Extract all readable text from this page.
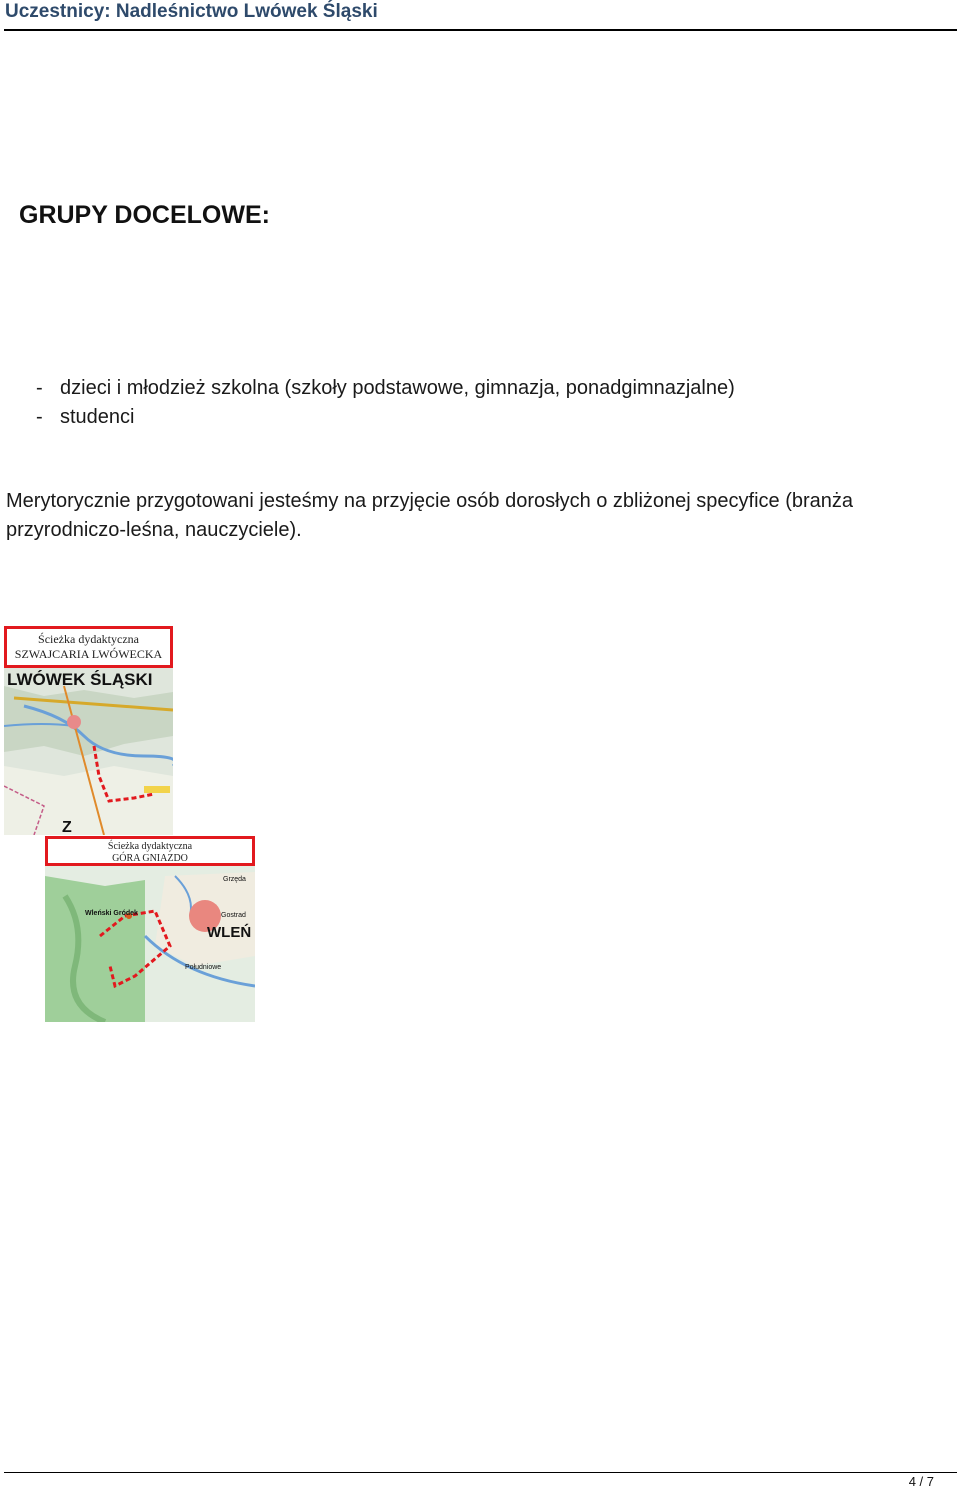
Uczestnicy: Nadleśnictwo Lwówek Śląski
GRUPY DOCELOWE:
- dzieci i młodzież szkolna (szkoły podstawowe, gimnazja, ponadgimnazjalne)
- studenci

Merytorycznie przygotowani jesteśmy na przyjęcie osób dorosłych o zbliżonej specyfice (branża przyrodniczo-leśna, nauczyciele).

Z
Ścieżka dydaktyczna
SZWAJCARIA LWÓWECKA
LWÓWEK ŚLĄSKI
Ścieżka dydaktyczna
GÓRA GNIAZDO
Grzęda
Wleński Gródek
Południowe
Gostrad
WLEŃ
4 / 7
